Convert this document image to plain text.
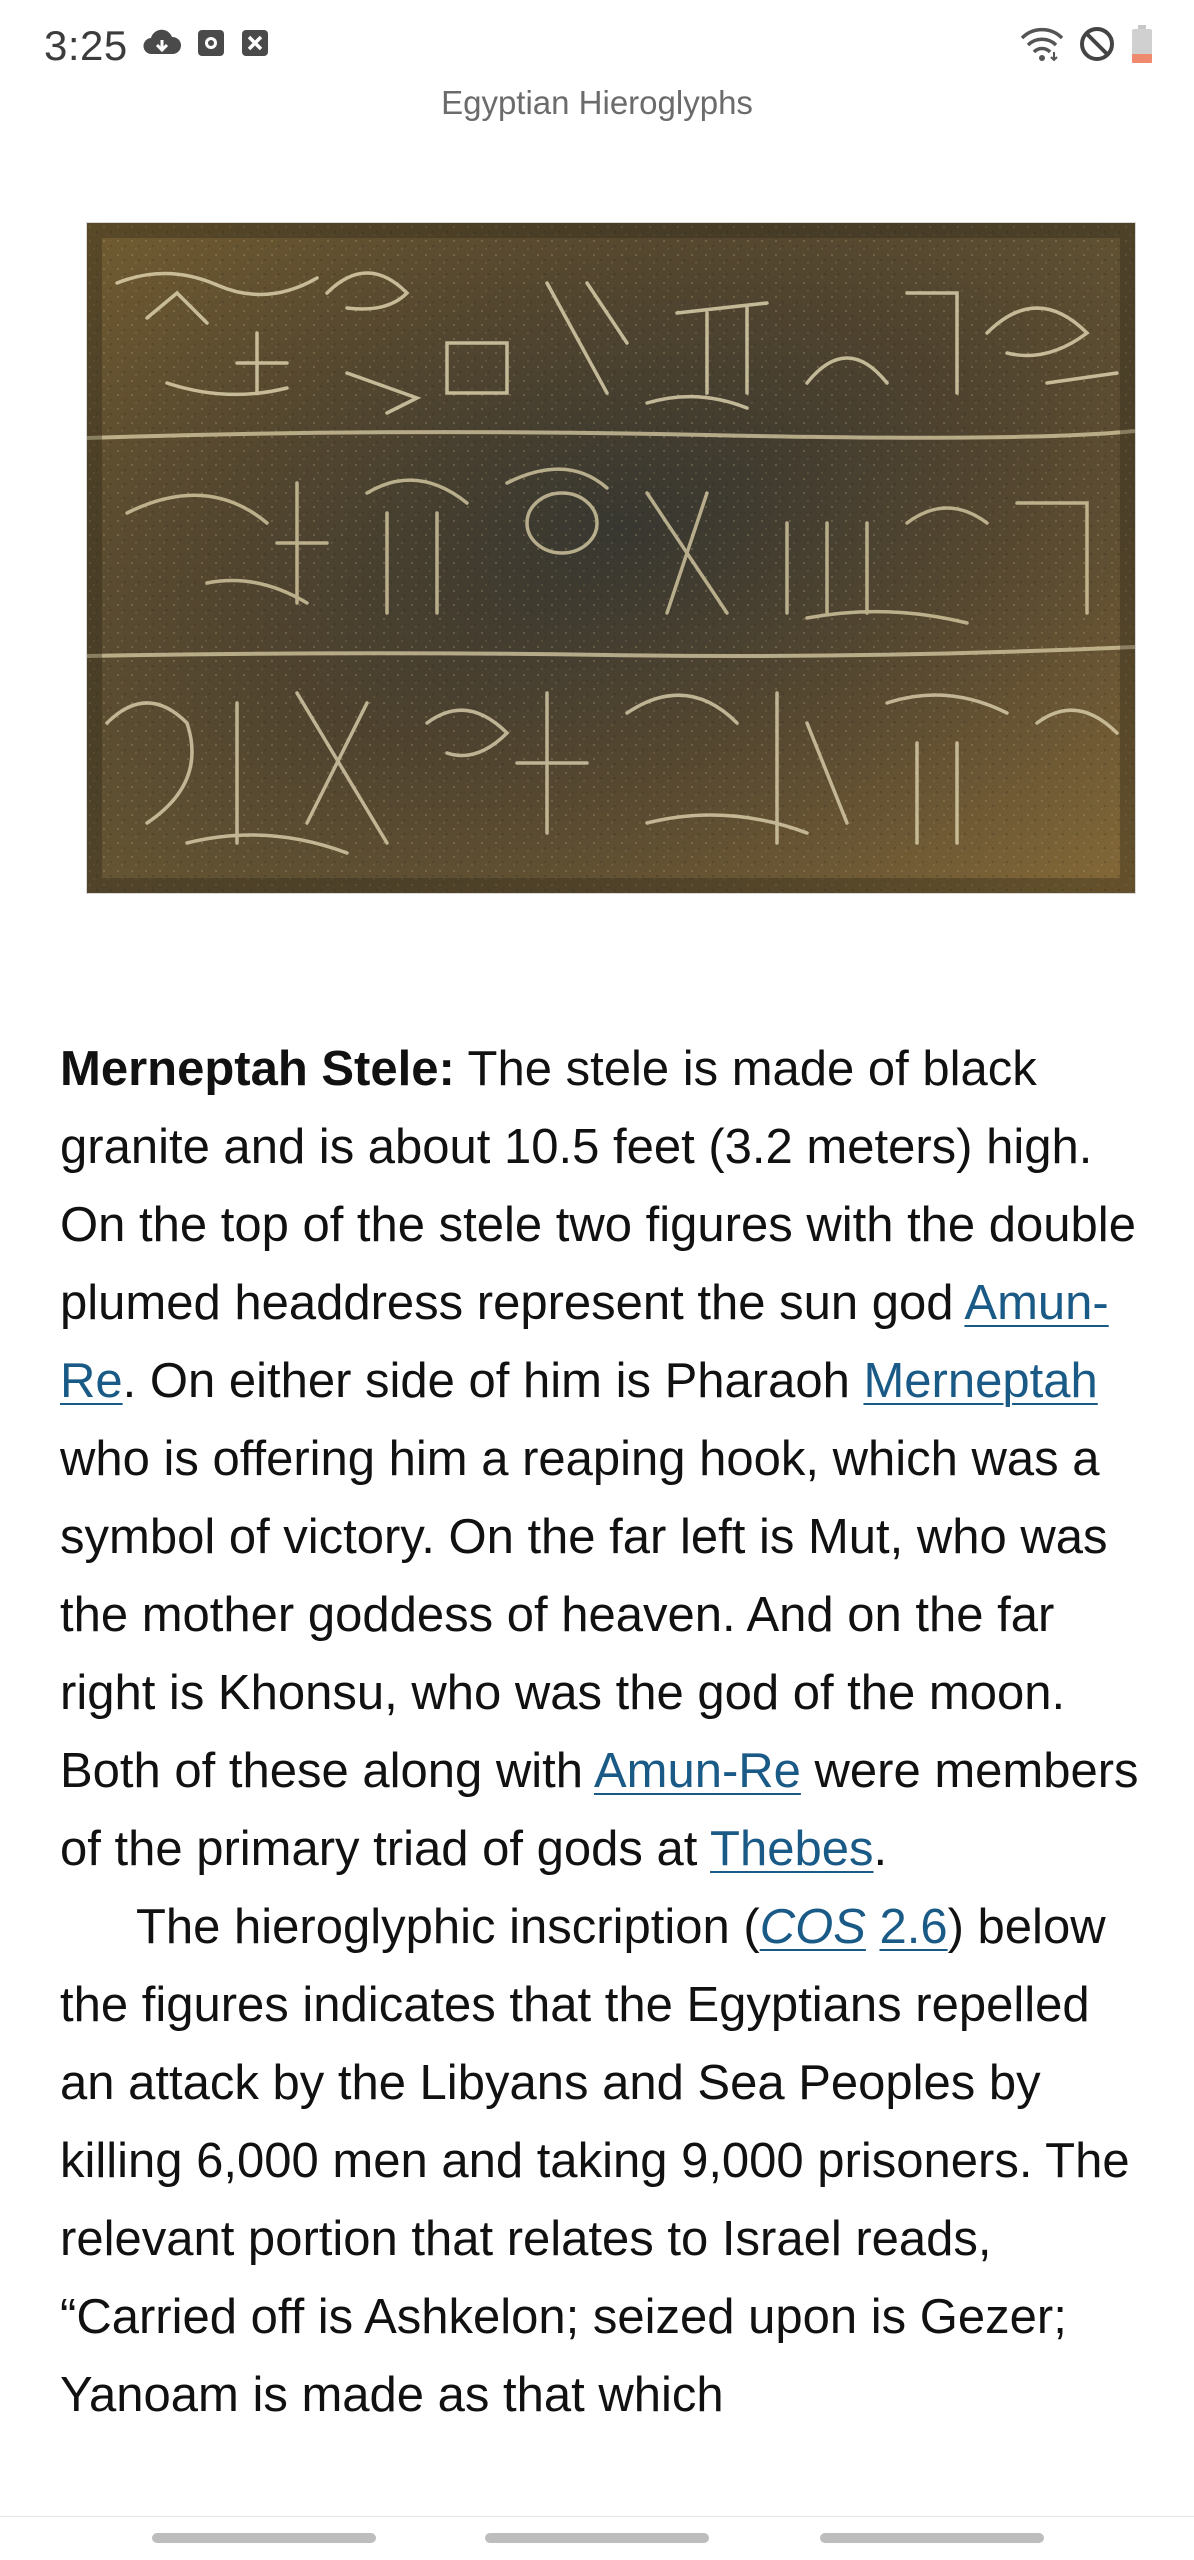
3:25
Egyptian Hieroglyphs

Merneptah Stele: The stele is made of black granite and is about 10.5 feet (3.2 meters) high. On the top of the stele two figures with the double plumed headdress represent the sun god Amun-Re. On either side of him is Pharaoh Merneptah who is offering him a reaping hook, which was a symbol of victory. On the far left is Mut, who was the mother goddess of heaven. And on the far right is Khonsu, who was the god of the moon. Both of these along with Amun-Re were members of the primary triad of gods at Thebes.

The hieroglyphic inscription (COS 2.6) below the figures indicates that the Egyptians repelled an attack by the Libyans and Sea Peoples by killing 6,000 men and taking 9,000 prisoners. The relevant portion that relates to Israel reads, “Carried off is Ashkelon; seized upon is Gezer; Yanoam is made as that which
